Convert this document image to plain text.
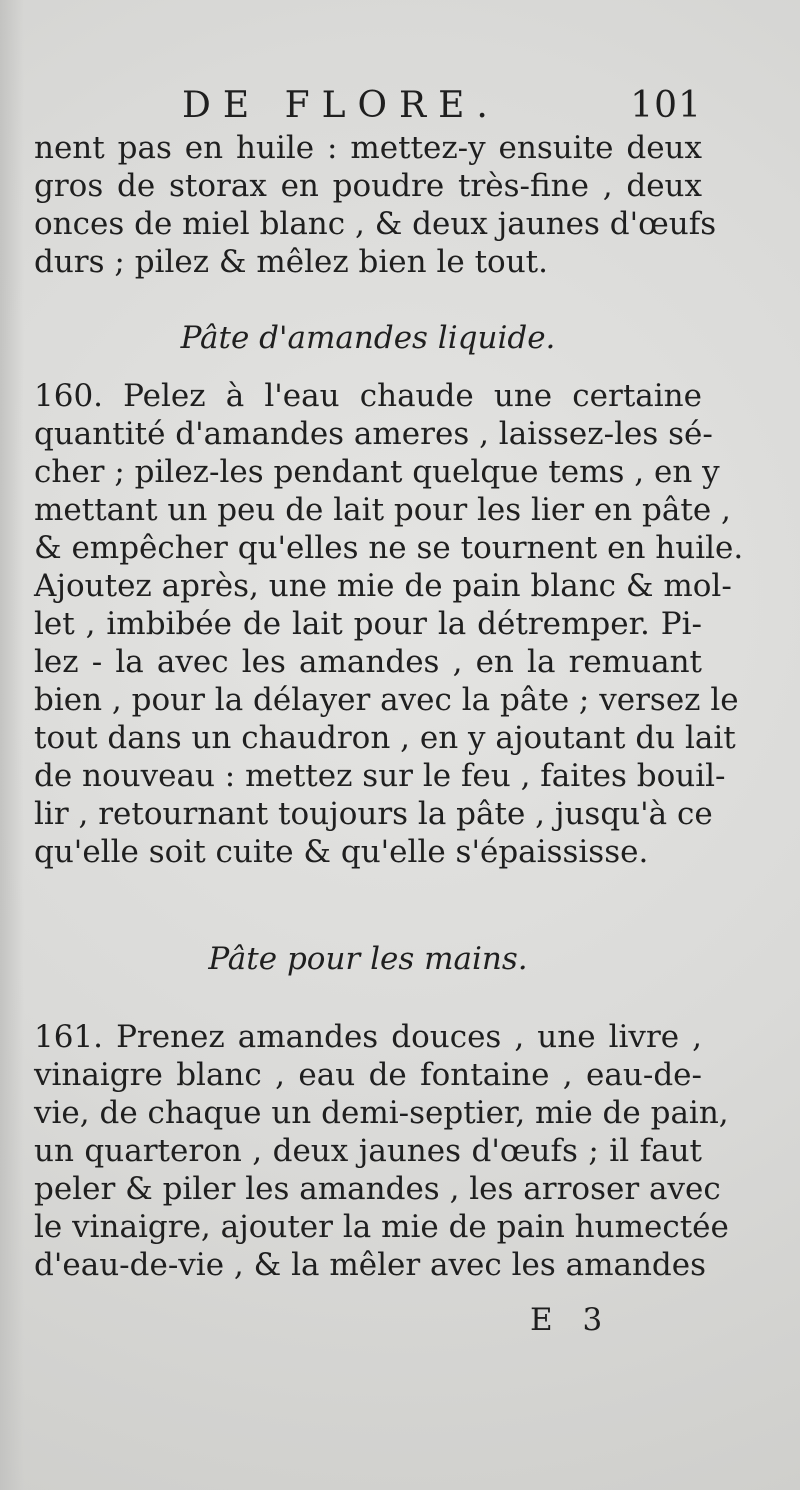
DE FLORE.	101
nent pas en huile : mettez-y ensuite deux
gros de storax en poudre très-fine , deux
onces de miel blanc , & deux jaunes d'œufs
durs ; pilez & mêlez bien le tout.
Pâte d'amandes liquide.
160. Pelez à l'eau chaude une certaine
quantité d'amandes ameres , laissez-les sé-
cher ; pilez-les pendant quelque tems , en y
mettant un peu de lait pour les lier en pâte ,
& empêcher qu'elles ne se tournent en huile.
Ajoutez après, une mie de pain blanc & mol-
let , imbibée de lait pour la détremper. Pi-
lez - la avec les amandes , en la remuant
bien , pour la délayer avec la pâte ; versez le
tout dans un chaudron , en y ajoutant du lait
de nouveau : mettez sur le feu , faites bouil-
lir , retournant toujours la pâte , jusqu'à ce
qu'elle soit cuite & qu'elle s'épaississe.
Pâte pour les mains.
161. Prenez amandes douces , une livre ,
vinaigre blanc , eau de fontaine , eau-de-
vie, de chaque un demi-septier, mie de pain,
un quarteron , deux jaunes d'œufs ; il faut
peler & piler les amandes , les arroser avec
le vinaigre, ajouter la mie de pain humectée
d'eau-de-vie , & la mêler avec les amandes
E 3
